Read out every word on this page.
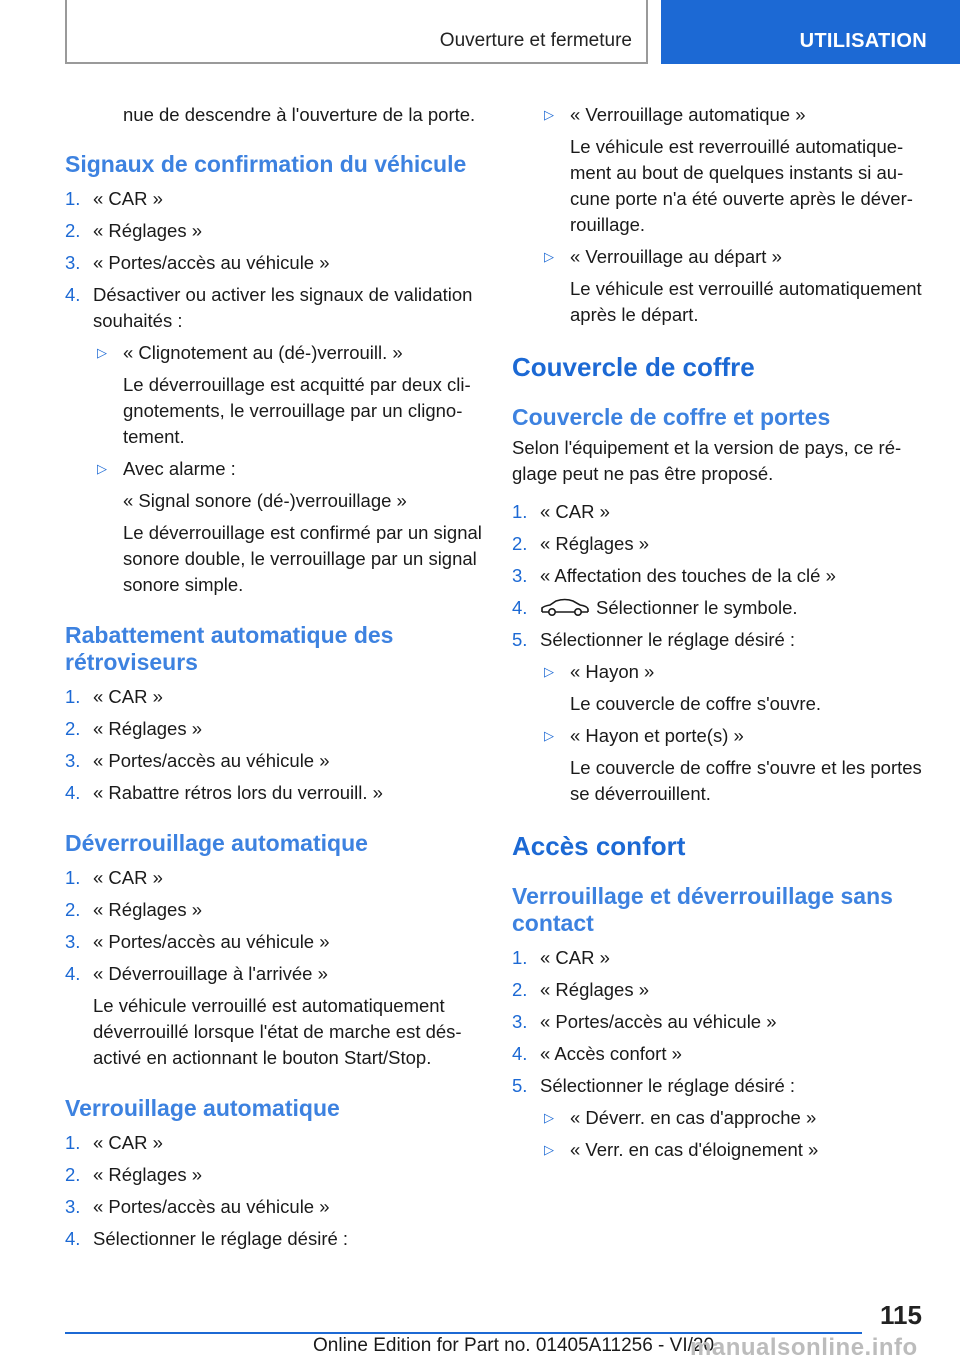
Ouverture et fermeture	UTILISATION

nue de descendre à l'ouverture de la porte.

Signaux de confirmation du véhicule
1. « CAR »
2. « Réglages »
3. « Portes/accès au véhicule »
4. Désactiver ou activer les signaux de validation souhaités :
▷ « Clignotement au (dé-)verrouill. »
Le déverrouillage est acquitté par deux clignotements, le verrouillage par un clignotement.
▷ Avec alarme :
« Signal sonore (dé-)verrouillage »
Le déverrouillage est confirmé par un signal sonore double, le verrouillage par un signal sonore simple.
Rabattement automatique des rétroviseurs
1. « CAR »
2. « Réglages »
3. « Portes/accès au véhicule »
4. « Rabattre rétros lors du verrouill. »
Déverrouillage automatique
1. « CAR »
2. « Réglages »
3. « Portes/accès au véhicule »
4. « Déverrouillage à l'arrivée »
Le véhicule verrouillé est automatiquement déverrouillé lorsque l'état de marche est désactivé en actionnant le bouton Start/Stop.
Verrouillage automatique
1. « CAR »
2. « Réglages »
3. « Portes/accès au véhicule »
4. Sélectionner le réglage désiré :
▷ « Verrouillage automatique »
Le véhicule est reverrouillé automatiquement au bout de quelques instants si aucune porte n'a été ouverte après le déverrouillage.
▷ « Verrouillage au départ »
Le véhicule est verrouillé automatiquement après le départ.
Couvercle de coffre
Couvercle de coffre et portes

Selon l'équipement et la version de pays, ce réglage peut ne pas être proposé.

1. « CAR »
2. « Réglages »
3. « Affectation des touches de la clé »
4.	Sélectionner le symbole.
5. Sélectionner le réglage désiré :
▷ « Hayon »
Le couvercle de coffre s'ouvre.
▷ « Hayon et porte(s) »
Le couvercle de coffre s'ouvre et les portes se déverrouillent.
Accès confort
Verrouillage et déverrouillage sans contact
1. « CAR »
2. « Réglages »
3. « Portes/accès au véhicule »
4. « Accès confort »
5. Sélectionner le réglage désiré :
▷ « Déverr. en cas d'approche »
▷ « Verr. en cas d'éloignement »
115
Online Edition for Part no. 01405A11256 - VI/20
manualsonline.info
